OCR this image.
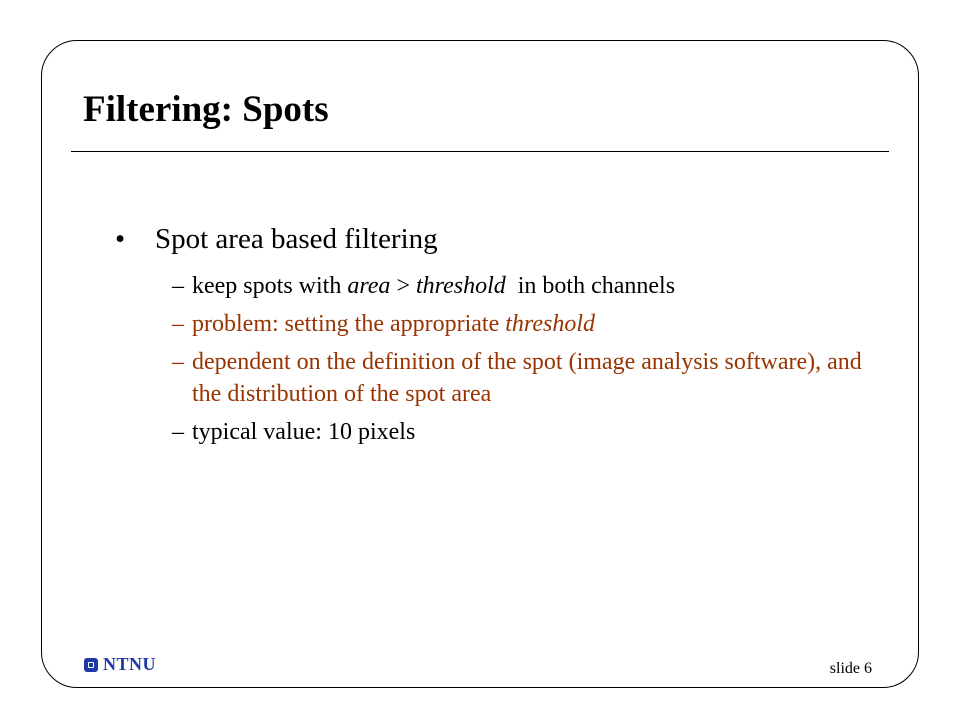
Filtering: Spots
•	Spot area based filtering
– keep spots with area > threshold  in both channels
– problem: setting the appropriate threshold
– dependent on the definition of the spot (image analysis software), and the distribution of the spot area
– typical value: 10 pixels
NTNU	slide 6
